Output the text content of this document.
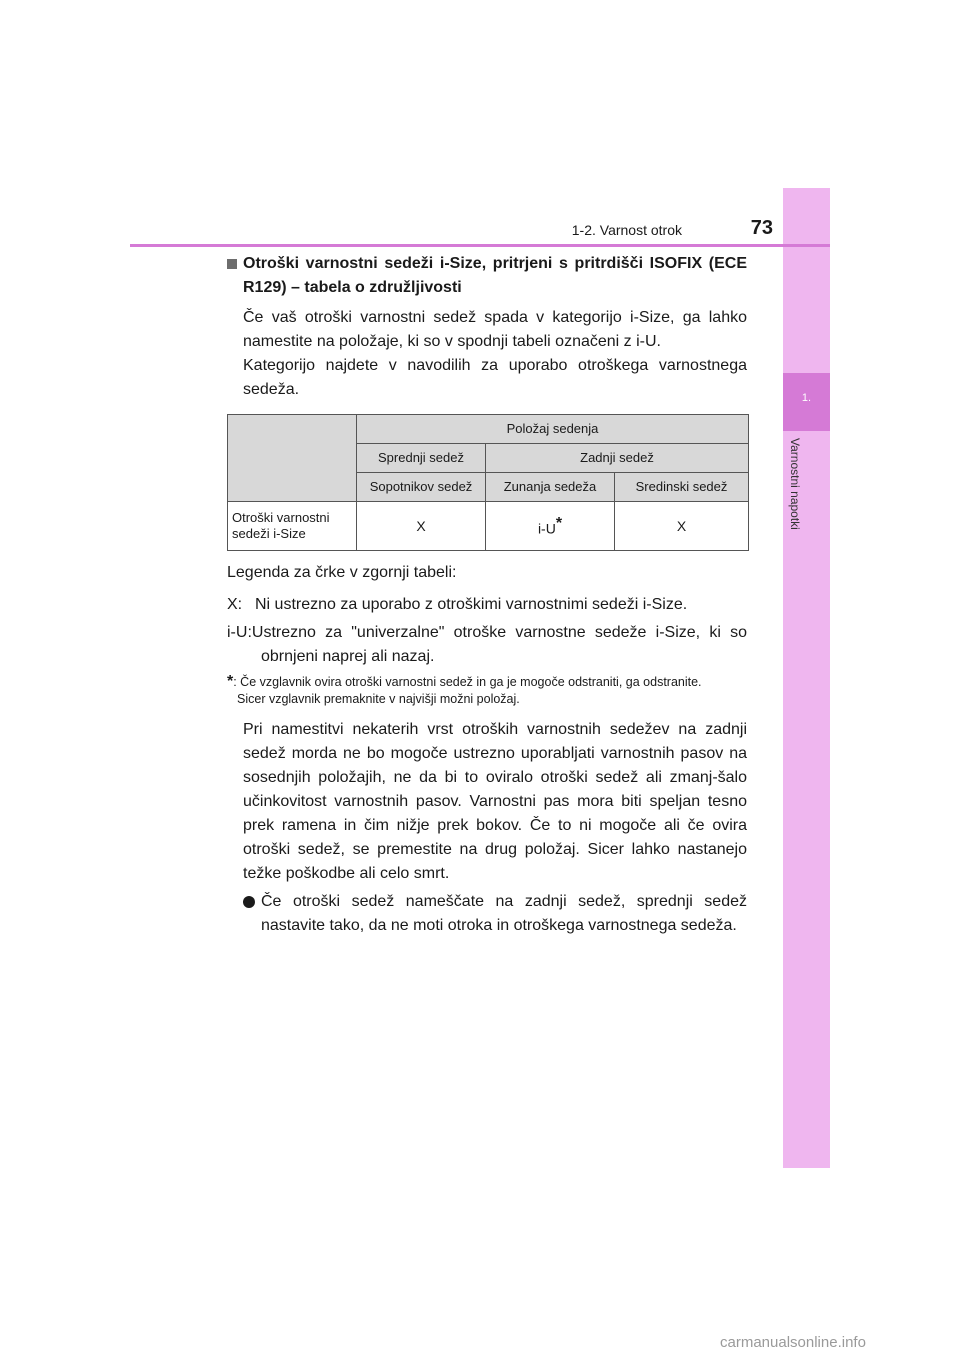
1.
Varnostni napotki
1-2. Varnost otrok	73
Otroški varnostni sedeži i-Size, pritrjeni s pritrdišči ISOFIX (ECE R129) – tabela o združljivosti
Če vaš otroški varnostni sedež spada v kategorijo i-Size, ga lahko namestite na položaje, ki so v spodnji tabeli označeni z i-U.
Kategorijo najdete v navodilih za uporabo otroškega varnostnega sedeža.
	Položaj sedenja		
	Sprednji sedež	Zadnji sedež	
	Sopotnikov sedež	Zunanja sedeža	Sredinski sedež
Otroški varnostni
sedeži i-Size	X	i-U*	X
Legenda za črke v zgornji tabeli:
X: Ni ustrezno za uporabo z otroškimi varnostnimi sedeži i-Size.
i-U:Ustrezno za "univerzalne" otroške varnostne sedeže i-Size, ki so obrnjeni naprej ali nazaj.
*: Če vzglavnik ovira otroški varnostni sedež in ga je mogoče odstraniti, ga odstranite.
Sicer vzglavnik premaknite v najvišji možni položaj.
Pri namestitvi nekaterih vrst otroških varnostnih sedežev na zadnji sedež morda ne bo mogoče ustrezno uporabljati varnostnih pasov na sosednjih položajih, ne da bi to oviralo otroški sedež ali zmanj-šalo učinkovitost varnostnih pasov. Varnostni pas mora biti speljan tesno prek ramena in čim nižje prek bokov. Če to ni mogoče ali če ovira otroški sedež, se premestite na drug položaj. Sicer lahko nastanejo težke poškodbe ali celo smrt.
Če otroški sedež nameščate na zadnji sedež, sprednji sedež nastavite tako, da ne moti otroka in otroškega varnostnega sedeža.
carmanualsonline.info
